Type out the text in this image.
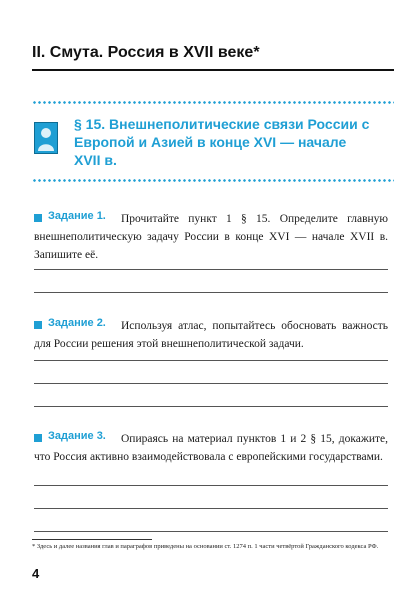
II. Смута. Россия в XVII веке*
§ 15. Внешнеполитические связи России с Европой и Азией в конце XVI — начале XVII в.
Прочитайте пункт 1 § 15. Определите главную внешнеполитическую задачу России в конце XVI — начале XVII в. Запишите её.
Задание 1.
Используя атлас, попытайтесь обосновать важность для России решения этой внешнеполитической задачи.
Задание 2.
Опираясь на материал пунктов 1 и 2 § 15, докажите, что Россия активно взаимодействовала с европейскими государствами.
Задание 3.
* Здесь и далее названия глав и параграфов приведены на основании ст. 1274 п. 1 части четвёртой Гражданского кодекса РФ.
4
